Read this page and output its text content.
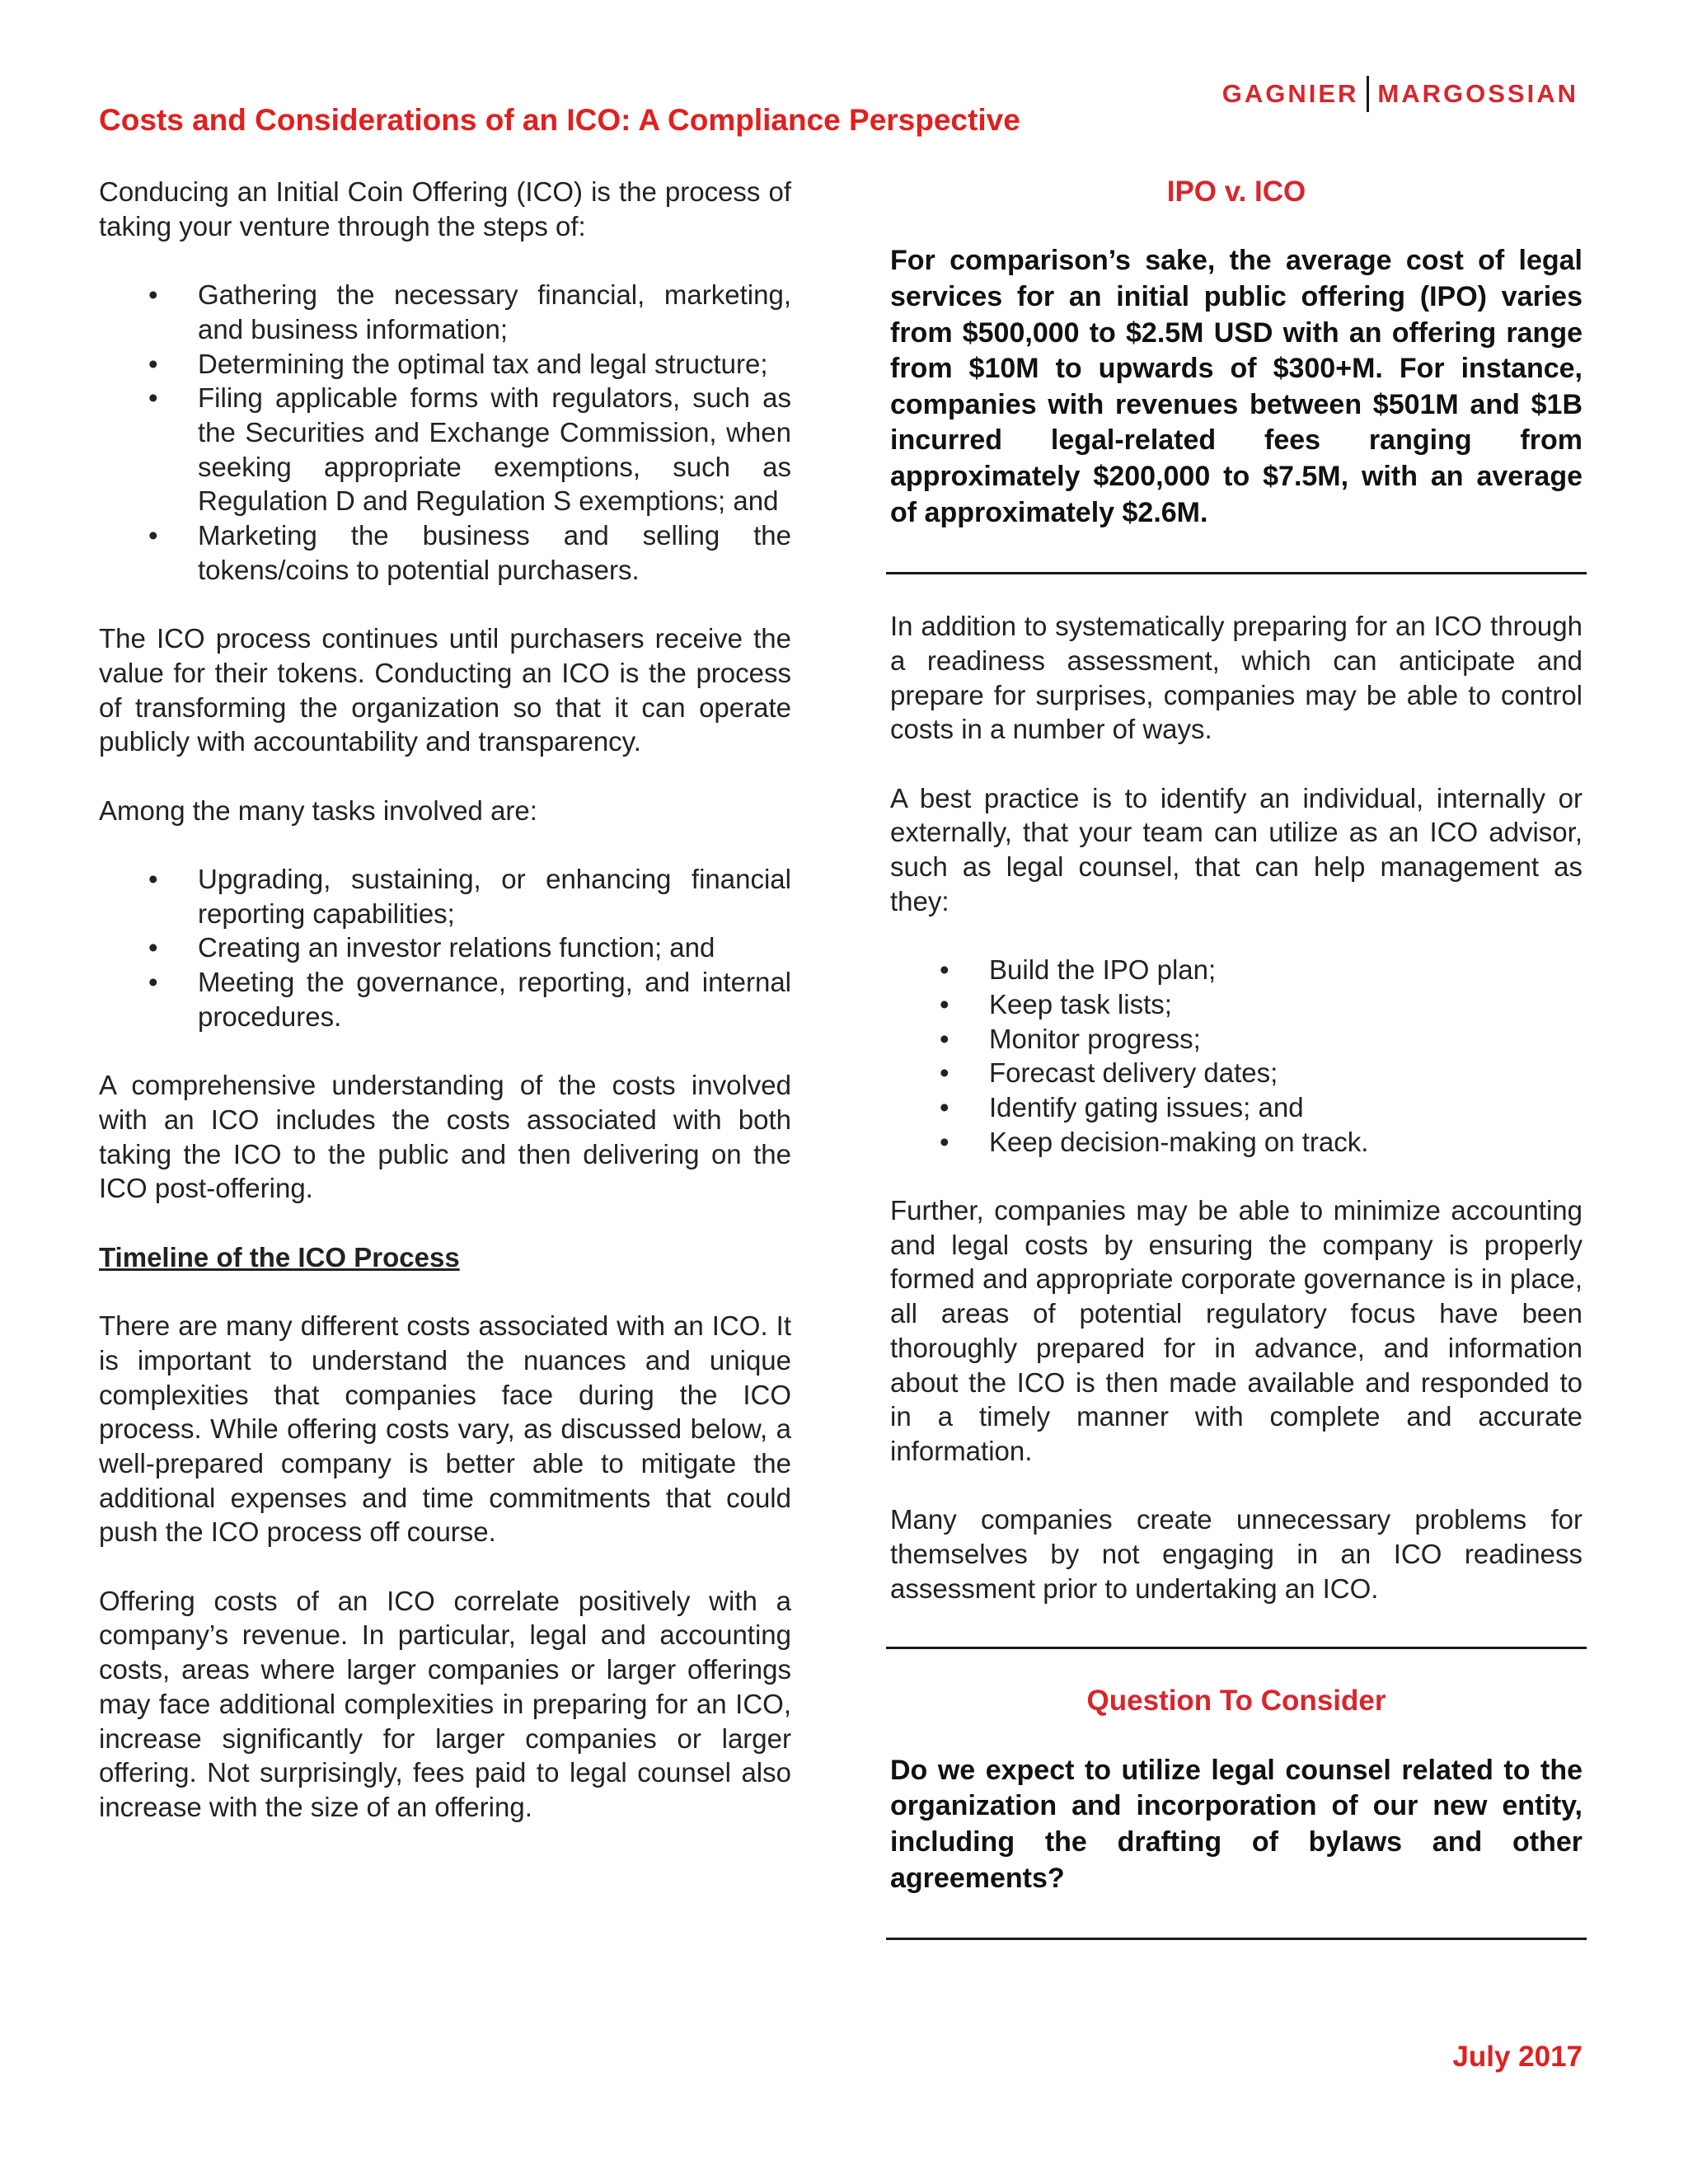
GAGNIER MARGOSSIAN
Costs and Considerations of an ICO: A Compliance Perspective

Conducing an Initial Coin Offering (ICO) is the process of taking your venture through the steps of:

• Gathering the necessary financial, marketing, and business information;
• Determining the optimal tax and legal structure;
• Filing applicable forms with regulators, such as the Securities and Exchange Commission, when seeking appropriate exemptions, such as Regulation D and Regulation S exemptions; and
• Marketing the business and selling the tokens/coins to potential purchasers.

The ICO process continues until purchasers receive the value for their tokens. Conducting an ICO is the process of transforming the organization so that it can operate publicly with accountability and transparency.

Among the many tasks involved are:

• Upgrading, sustaining, or enhancing financial reporting capabilities;
• Creating an investor relations function; and
• Meeting the governance, reporting, and internal procedures.

A comprehensive understanding of the costs involved with an ICO includes the costs associated with both taking the ICO to the public and then delivering on the ICO post-offering.

Timeline of the ICO Process

There are many different costs associated with an ICO. It is important to understand the nuances and unique complexities that companies face during the ICO process. While offering costs vary, as discussed below, a well-prepared company is better able to mitigate the additional expenses and time commitments that could push the ICO process off course.

Offering costs of an ICO correlate positively with a company’s revenue. In particular, legal and accounting costs, areas where larger companies or larger offerings may face additional complexities in preparing for an ICO, increase significantly for larger companies or larger offering. Not surprisingly, fees paid to legal counsel also increase with the size of an offering.

IPO v. ICO

For comparison’s sake, the average cost of legal services for an initial public offering (IPO) varies from $500,000 to $2.5M USD with an offering range from $10M to upwards of $300+M. For instance, companies with revenues between $501M and $1B incurred legal-related fees ranging from approximately $200,000 to $7.5M, with an average of approximately $2.6M.

In addition to systematically preparing for an ICO through a readiness assessment, which can anticipate and prepare for surprises, companies may be able to control costs in a number of ways.

A best practice is to identify an individual, internally or externally, that your team can utilize as an ICO advisor, such as legal counsel, that can help management as they:

• Build the IPO plan;
• Keep task lists;
• Monitor progress;
• Forecast delivery dates;
• Identify gating issues; and
• Keep decision-making on track.

Further, companies may be able to minimize accounting and legal costs by ensuring the company is properly formed and appropriate corporate governance is in place, all areas of potential regulatory focus have been thoroughly prepared for in advance, and information about the ICO is then made available and responded to in a timely manner with complete and accurate information.

Many companies create unnecessary problems for themselves by not engaging in an ICO readiness assessment prior to undertaking an ICO.

Question To Consider

Do we expect to utilize legal counsel related to the organization and incorporation of our new entity, including the drafting of bylaws and other agreements?

July 2017
